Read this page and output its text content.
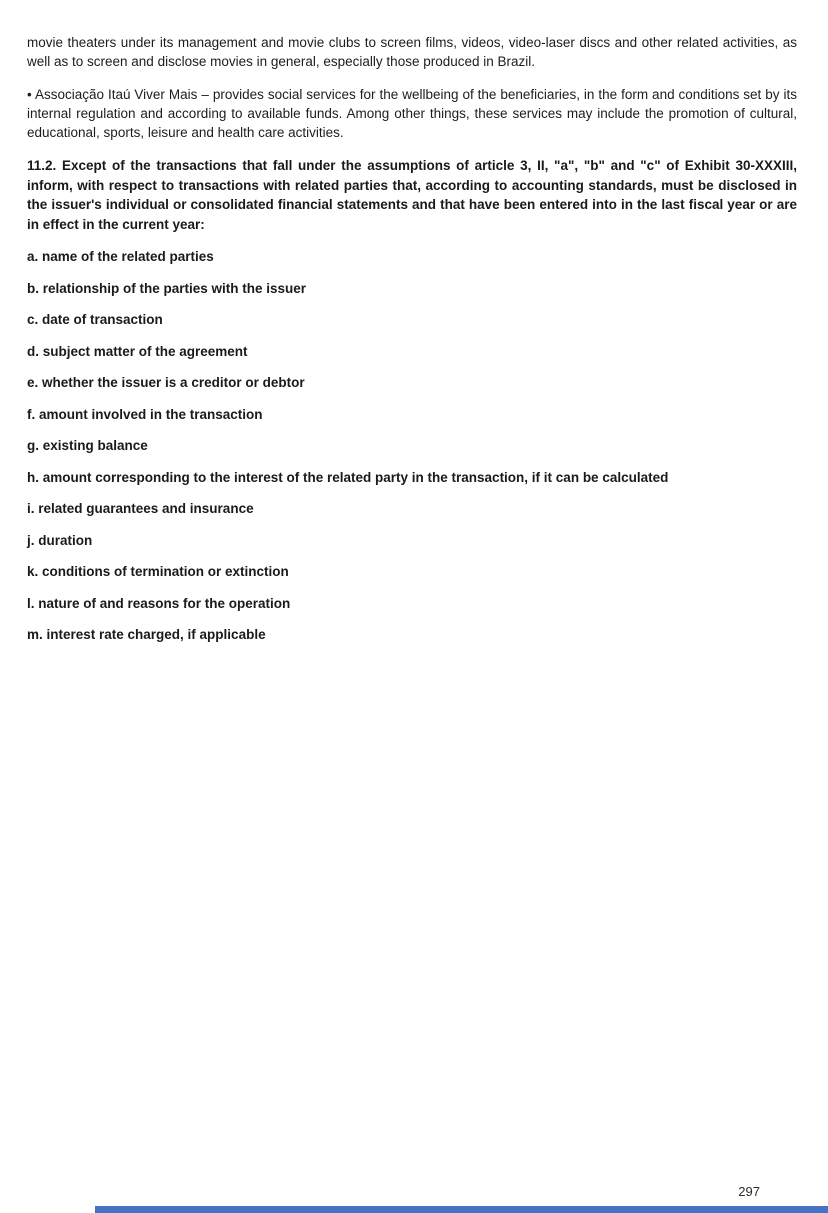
movie theaters under its management and movie clubs to screen films, videos, video-laser discs and other related activities, as well as to screen and disclose movies in general, especially those produced in Brazil.

• Associação Itaú Viver Mais – provides social services for the wellbeing of the beneficiaries, in the form and conditions set by its internal regulation and according to available funds. Among other things, these services may include the promotion of cultural, educational, sports, leisure and health care activities.

11.2. Except of the transactions that fall under the assumptions of article 3, II, "a", "b" and "c" of Exhibit 30-XXXIII, inform, with respect to transactions with related parties that, according to accounting standards, must be disclosed in the issuer's individual or consolidated financial statements and that have been entered into in the last fiscal year or are in effect in the current year:

a. name of the related parties

b. relationship of the parties with the issuer

c. date of transaction

d. subject matter of the agreement

e. whether the issuer is a creditor or debtor

f. amount involved in the transaction

g. existing balance

h. amount corresponding to the interest of the related party in the transaction, if it can be calculated

i. related guarantees and insurance

j. duration

k. conditions of termination or extinction

l. nature of and reasons for the operation

m. interest rate charged, if applicable

297
